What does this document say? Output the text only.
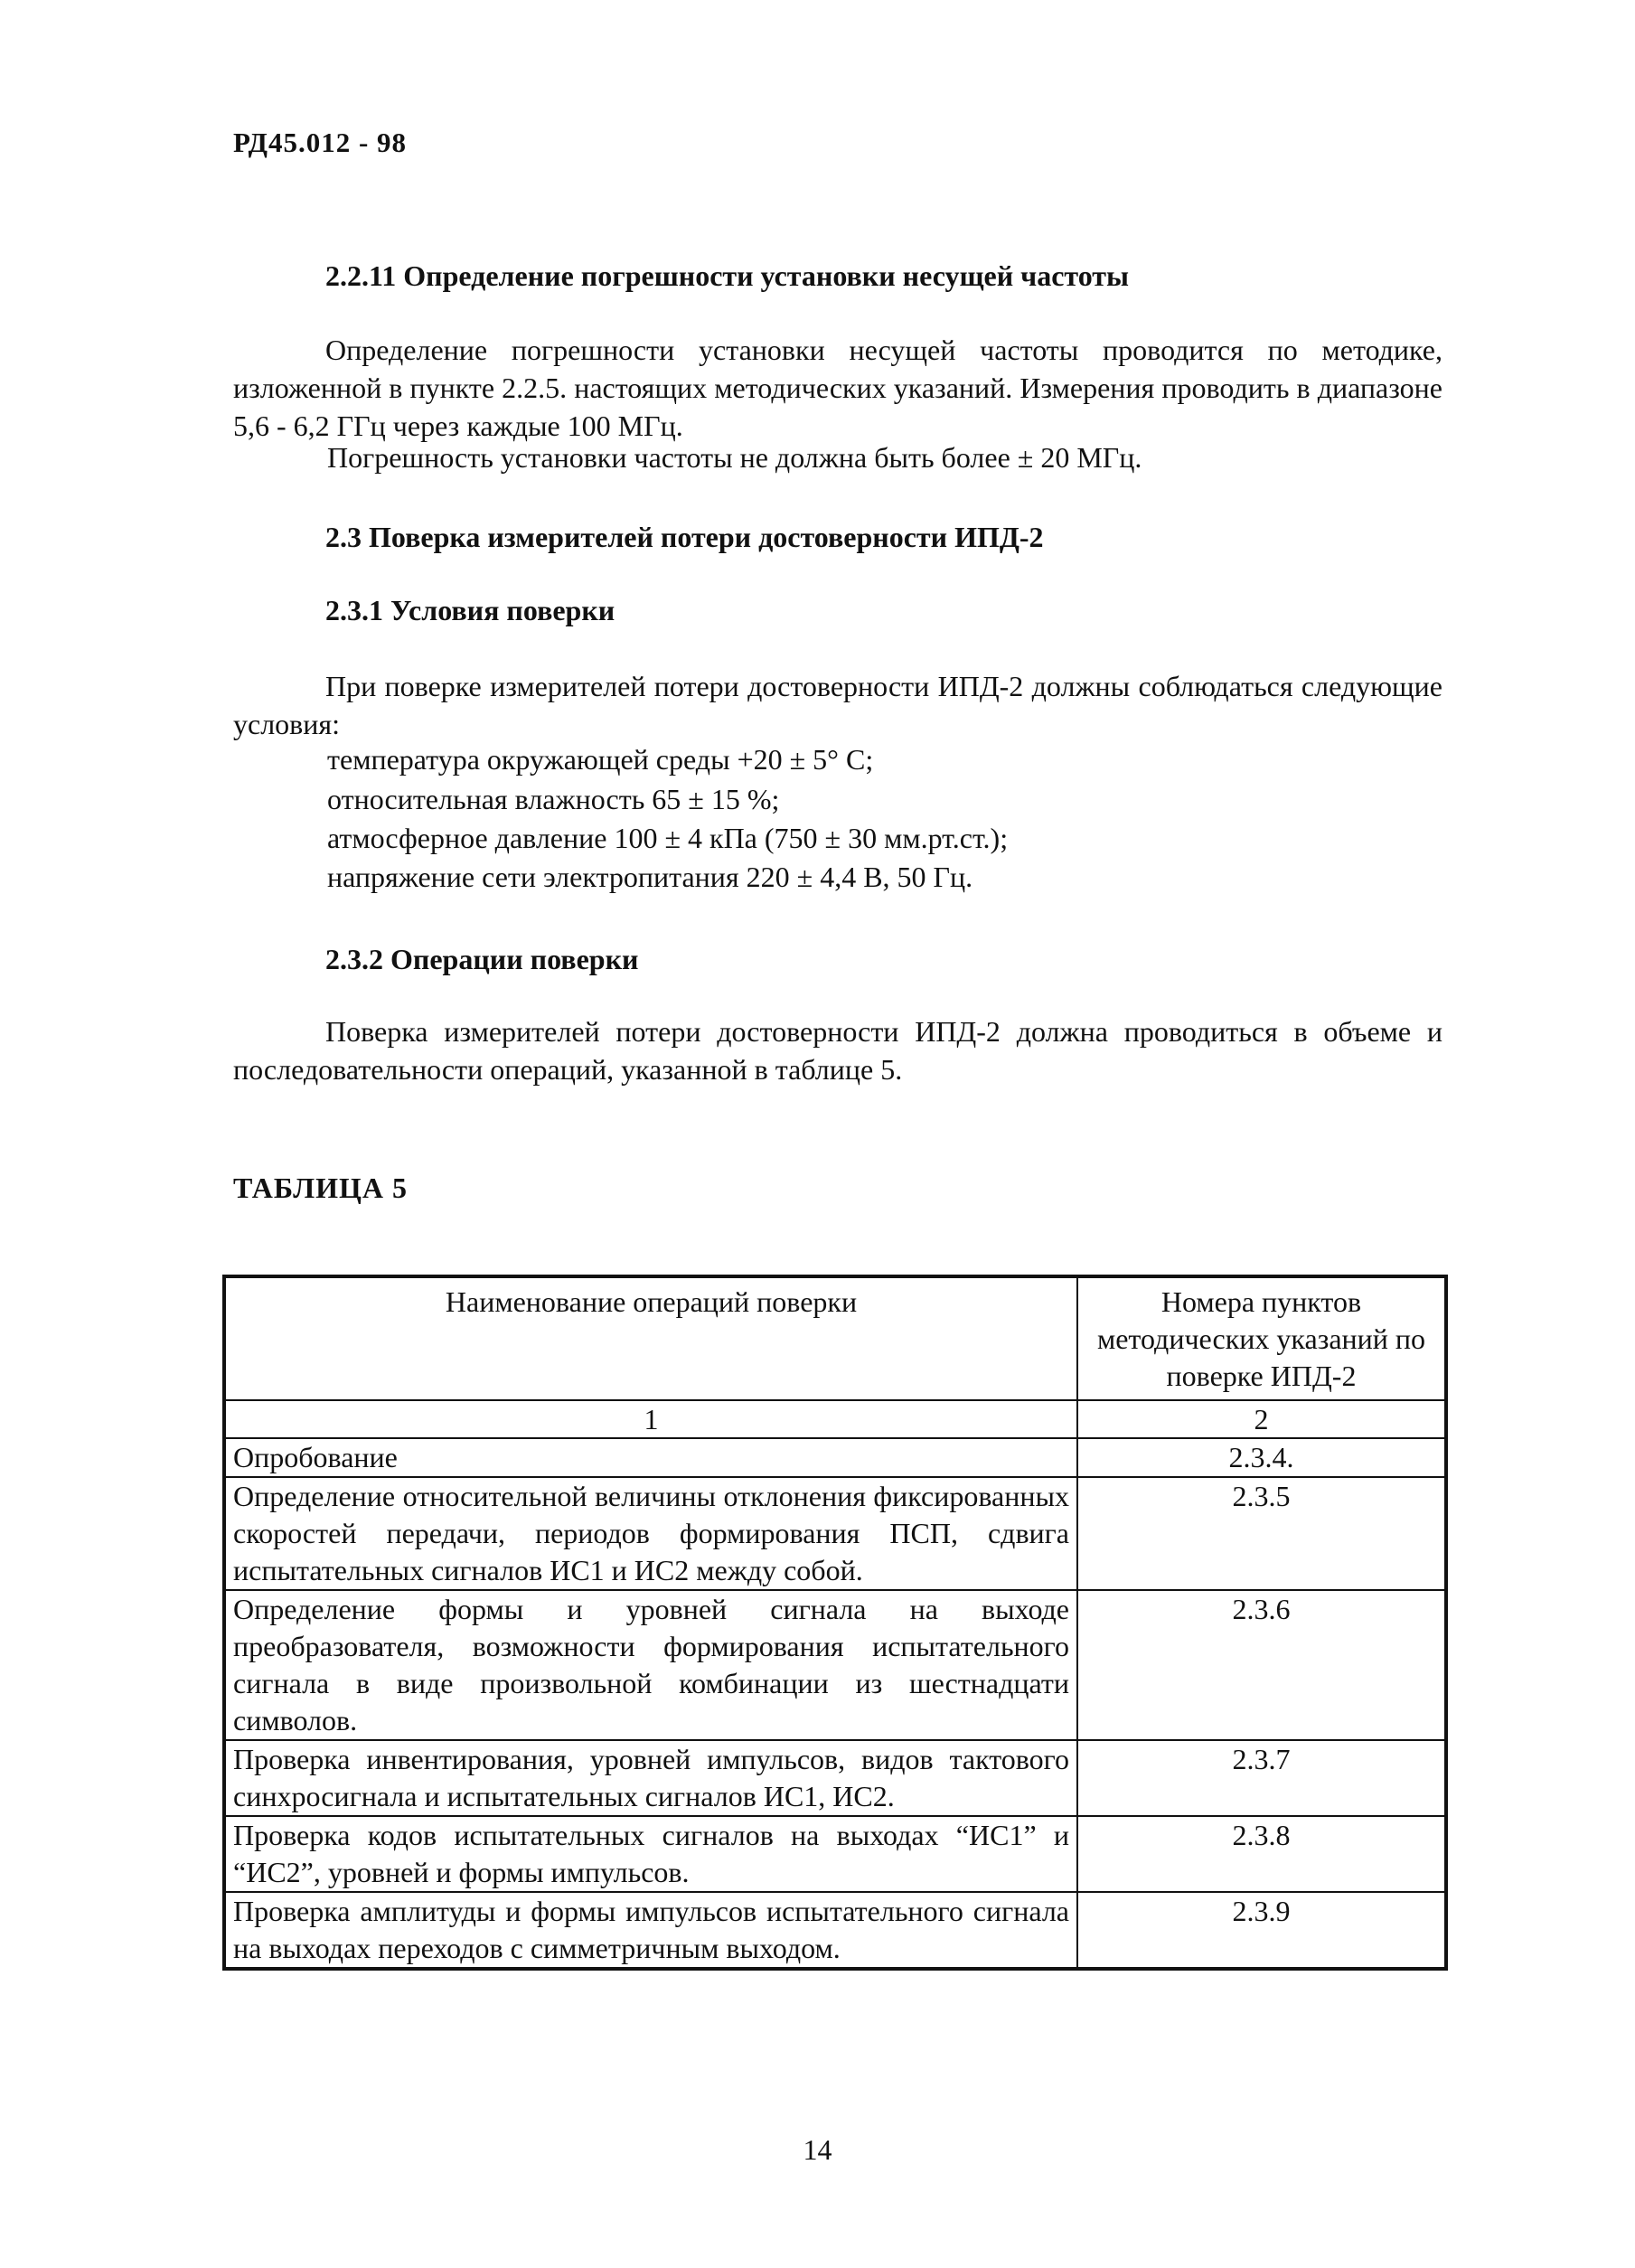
РД45.012 - 98
2.2.11 Определение погрешности установки несущей частоты
Определение погрешности установки несущей частоты проводится по методике, изложенной в пункте 2.2.5. настоящих методических указаний. Измерения проводить в диапазоне 5,6 - 6,2 ГГц через каждые 100 МГц.
Погрешность установки частоты не должна быть более ± 20 МГц.
2.3 Поверка измерителей потери достоверности ИПД-2
2.3.1 Условия поверки
При поверке измерителей потери достоверности ИПД-2 должны соблюдаться следующие условия:
температура окружающей среды +20 ± 5° С;
относительная влажность 65 ± 15 %;
атмосферное давление 100 ± 4 кПа (750 ± 30 мм.рт.ст.);
напряжение сети электропитания 220 ± 4,4 В, 50 Гц.
2.3.2 Операции поверки
Поверка измерителей потери достоверности ИПД-2 должна проводиться в объеме и последовательности операций, указанной в таблице 5.
ТАБЛИЦА 5
Наименование операций поверки	Номера пунктов методических указаний по поверке ИПД-2
1	2
Опробование	2.3.4.
Определение относительной величины отклонения фиксированных скоростей передачи, периодов формирования ПСП, сдвига испытательных сигналов ИС1 и ИС2 между собой.	2.3.5
Определение формы и уровней сигнала на выходе преобразователя, возможности формирования испытательного сигнала в виде произвольной комбинации из шестнадцати символов.	2.3.6
Проверка инвентирования, уровней импульсов, видов тактового синхросигнала и испытательных сигналов ИС1, ИС2.	2.3.7
Проверка кодов испытательных сигналов на выходах “ИС1” и “ИС2”, уровней и формы импульсов.	2.3.8
Проверка амплитуды и формы импульсов испытательного сигнала на выходах переходов с симметричным выходом.	2.3.9
14
